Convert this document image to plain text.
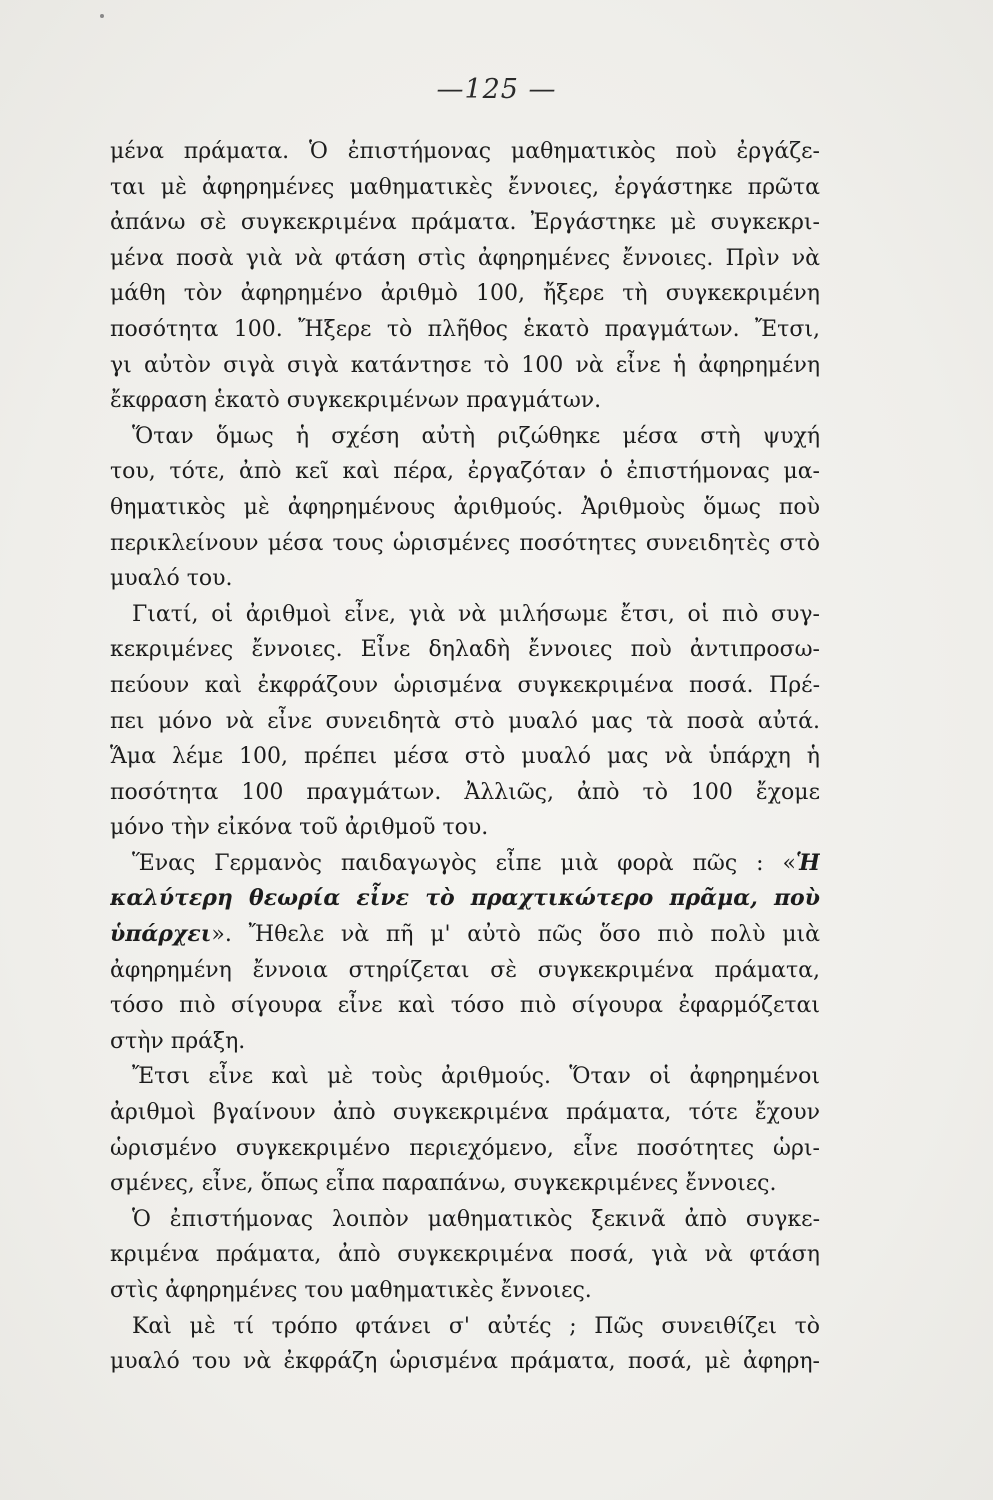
—125 —
μένα πράματα. Ὁ ἐπιστήμονας μαθηματικὸς ποὺ ἐργάζε-
ται μὲ ἀφηρημένες μαθηματικὲς ἔννοιες, ἐργάστηκε πρῶτα
ἀπάνω σὲ συγκεκριμένα πράματα. Ἐργάστηκε μὲ συγκεκρι-
μένα ποσὰ γιὰ νὰ φτάση στὶς ἀφηρημένες ἔννοιες. Πρὶν νὰ
μάθη τὸν ἀφηρημένο ἀριθμὸ 100, ἤξερε τὴ συγκεκριμένη
ποσότητα 100. Ἤξερε τὸ πλῆθος ἑκατὸ πραγμάτων. Ἔτσι,
γι αὐτὸν σιγὰ σιγὰ κατάντησε τὸ 100 νὰ εἶνε ἡ ἀφηρημένη
ἔκφραση ἑκατὸ συγκεκριμένων πραγμάτων.
Ὅταν ὅμως ἡ σχέση αὐτὴ ριζώθηκε μέσα στὴ ψυχή
του, τότε, ἀπὸ κεῖ καὶ πέρα, ἐργαζόταν ὁ ἐπιστήμονας μα-
θηματικὸς μὲ ἀφηρημένους ἀριθμούς. Ἀριθμοὺς ὅμως ποὺ
περικλείνουν μέσα τους ὡρισμένες ποσότητες συνειδητὲς στὸ
μυαλό του.
Γιατί, οἱ ἀριθμοὶ εἶνε, γιὰ νὰ μιλήσωμε ἔτσι, οἱ πιὸ συγ-
κεκριμένες ἔννοιες. Εἶνε δηλαδὴ ἔννοιες ποὺ ἀντιπροσω-
πεύουν καὶ ἐκφράζουν ὡρισμένα συγκεκριμένα ποσά. Πρέ-
πει μόνο νὰ εἶνε συνειδητὰ στὸ μυαλό μας τὰ ποσὰ αὐτά.
Ἅμα λέμε 100, πρέπει μέσα στὸ μυαλό μας νὰ ὑπάρχη ἡ
ποσότητα 100 πραγμάτων. Ἀλλιῶς, ἀπὸ τὸ 100 ἔχομε
μόνο τὴν εἰκόνα τοῦ ἀριθμοῦ του.
Ἕνας Γερμανὸς παιδαγωγὸς εἶπε μιὰ φορὰ πῶς : «Ἡ
καλύτερη θεωρία εἶνε τὸ πραχτικώτερο πρᾶμα, ποὺ
ὑπάρχει». Ἤθελε νὰ πῆ μ' αὐτὸ πῶς ὅσο πιὸ πολὺ μιὰ
ἀφηρημένη ἔννοια στηρίζεται σὲ συγκεκριμένα πράματα,
τόσο πιὸ σίγουρα εἶνε καὶ τόσο πιὸ σίγουρα ἐφαρμόζεται
στὴν πράξη.
Ἔτσι εἶνε καὶ μὲ τοὺς ἀριθμούς. Ὅταν οἱ ἀφηρημένοι
ἀριθμοὶ βγαίνουν ἀπὸ συγκεκριμένα πράματα, τότε ἔχουν
ὡρισμένο συγκεκριμένο περιεχόμενο, εἶνε ποσότητες ὡρι-
σμένες, εἶνε, ὅπως εἶπα παραπάνω, συγκεκριμένες ἔννοιες.
Ὁ ἐπιστήμονας λοιπὸν μαθηματικὸς ξεκινᾶ ἀπὸ συγκε-
κριμένα πράματα, ἀπὸ συγκεκριμένα ποσά, γιὰ νὰ φτάση
στὶς ἀφηρημένες του μαθηματικὲς ἔννοιες.
Καὶ μὲ τί τρόπο φτάνει σ' αὐτές ; Πῶς συνειθίζει τὸ
μυαλό του νὰ ἐκφράζη ὡρισμένα πράματα, ποσά, μὲ ἀφηρη-
